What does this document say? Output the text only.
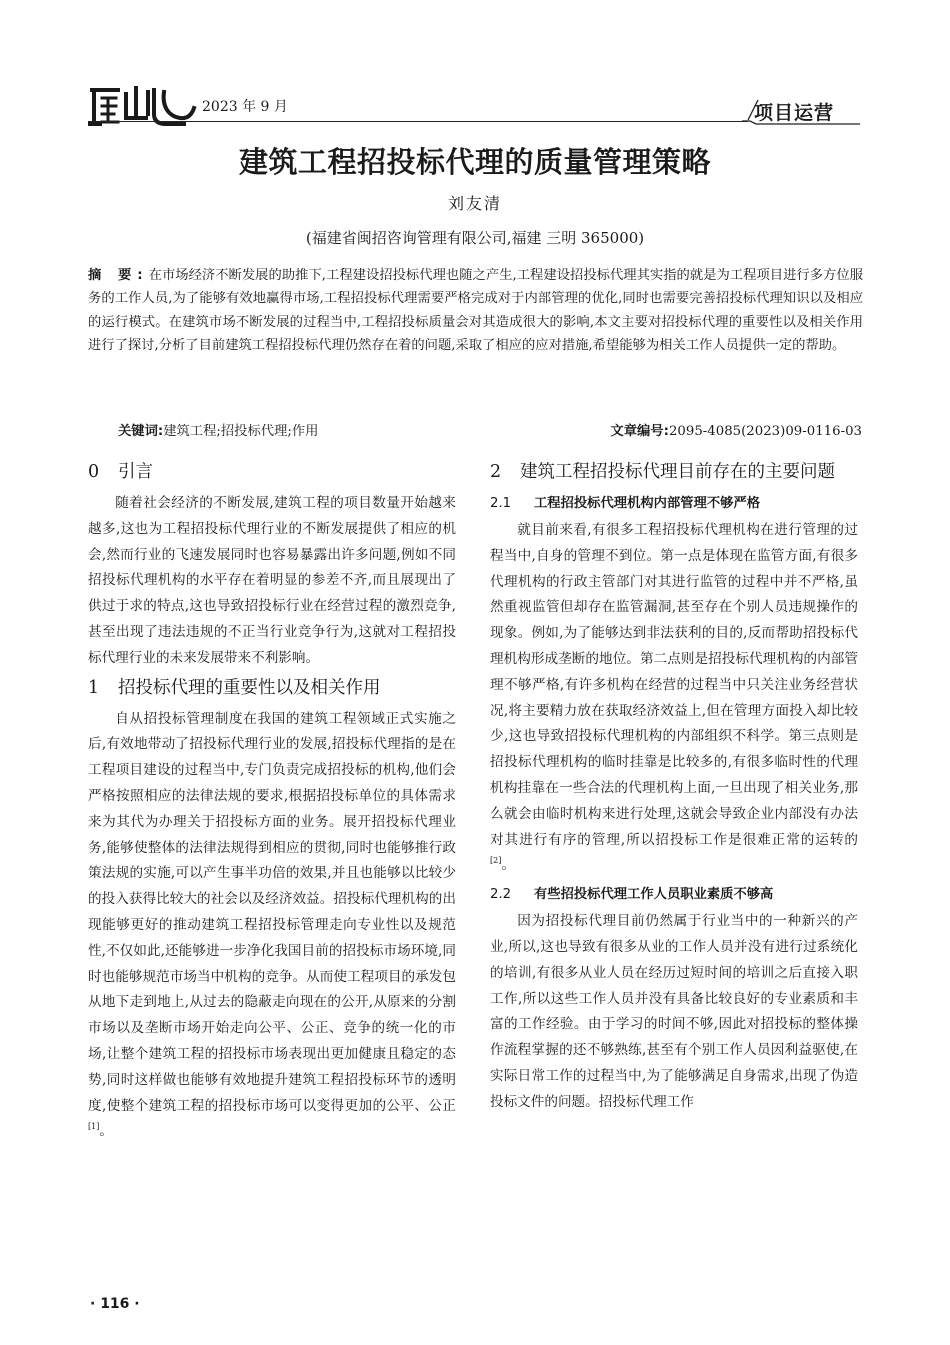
2023 年 9 月	项目运营
建筑工程招投标代理的质量管理策略
刘友清
(福建省闽招咨询管理有限公司,福建 三明 365000)
摘 要:在市场经济不断发展的助推下,工程建设招投标代理也随之产生,工程建设招投标代理其实指的就是为工程项目进行多方位服务的工作人员,为了能够有效地赢得市场,工程招投标代理需要严格完成对于内部管理的优化,同时也需要完善招投标代理知识以及相应的运行模式。在建筑市场不断发展的过程当中,工程招投标质量会对其造成很大的影响,本文主要对招投标代理的重要性以及相关作用进行了探讨,分析了目前建筑工程招投标代理仍然存在着的问题,采取了相应的应对措施,希望能够为相关工作人员提供一定的帮助。
关键词:建筑工程;招投标代理;作用	文章编号:2095-4085(2023)09-0116-03
0	引言

随着社会经济的不断发展,建筑工程的项目数量开始越来越多,这也为工程招投标代理行业的不断发展提供了相应的机会,然而行业的飞速发展同时也容易暴露出许多问题,例如不同招投标代理机构的水平存在着明显的参差不齐,而且展现出了供过于求的特点,这也导致招投标行业在经营过程的激烈竞争,甚至出现了违法违规的不正当行业竞争行为,这就对工程招投标代理行业的未来发展带来不利影响。

1	招投标代理的重要性以及相关作用

自从招投标管理制度在我国的建筑工程领域正式实施之后,有效地带动了招投标代理行业的发展,招投标代理指的是在工程项目建设的过程当中,专门负责完成招投标的机构,他们会严格按照相应的法律法规的要求,根据招投标单位的具体需求来为其代为办理关于招投标方面的业务。展开招投标代理业务,能够使整体的法律法规得到相应的贯彻,同时也能够推行政策法规的实施,可以产生事半功倍的效果,并且也能够以比较少的投入获得比较大的社会以及经济效益。招投标代理机构的出现能够更好的推动建筑工程招投标管理走向专业性以及规范性,不仅如此,还能够进一步净化我国目前的招投标市场环境,同时也能够规范市场当中机构的竞争。从而使工程项目的承发包从地下走到地上,从过去的隐蔽走向现在的公开,从原来的分割市场以及垄断市场开始走向公平、公正、竞争的统一化的市场,让整个建筑工程的招投标市场表现出更加健康且稳定的态势,同时这样做也能够有效地提升建筑工程招投标环节的透明度,使整个建筑工程的招投标市场可以变得更加的公平、公正[1]。

2	建筑工程招投标代理目前存在的主要问题
2.1	工程招投标代理机构内部管理不够严格

就目前来看,有很多工程招投标代理机构在进行管理的过程当中,自身的管理不到位。第一点是体现在监管方面,有很多代理机构的行政主管部门对其进行监管的过程中并不严格,虽然重视监管但却存在监管漏洞,甚至存在个别人员违规操作的现象。例如,为了能够达到非法获利的目的,反而帮助招投标代理机构形成垄断的地位。第二点则是招投标代理机构的内部管理不够严格,有许多机构在经营的过程当中只关注业务经营状况,将主要精力放在获取经济效益上,但在管理方面投入却比较少,这也导致招投标代理机构的内部组织不科学。第三点则是招投标代理机构的临时挂靠是比较多的,有很多临时性的代理机构挂靠在一些合法的代理机构上面,一旦出现了相关业务,那么就会由临时机构来进行处理,这就会导致企业内部没有办法对其进行有序的管理,所以招投标工作是很难正常的运转的[2]。

2.2	有些招投标代理工作人员职业素质不够高

因为招投标代理目前仍然属于行业当中的一种新兴的产业,所以,这也导致有很多从业的工作人员并没有进行过系统化的培训,有很多从业人员在经历过短时间的培训之后直接入职工作,所以这些工作人员并没有具备比较良好的专业素质和丰富的工作经验。由于学习的时间不够,因此对招投标的整体操作流程掌握的还不够熟练,甚至有个别工作人员因利益驱使,在实际日常工作的过程当中,为了能够满足自身需求,出现了伪造投标文件的问题。招投标代理工作

· 116 ·
